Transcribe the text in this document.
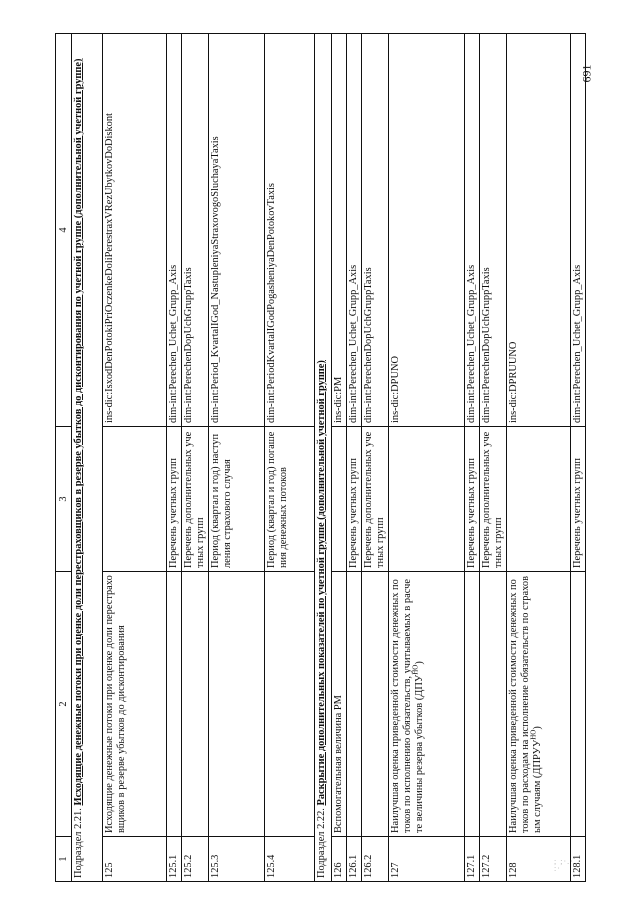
1	2	3	4
Подраздел 2.21. Исходящие денежные потоки при оценке доли перестраховщиков в резерве убытков до дисконтирования по учетной группе (дополнительной учетной группе)			
125	Исходящие денежные потоки при оценке доли перестраховщиков в резерве убытков до дисконтирования		ins-dic:IsxodDenPotokiPriOczenkeDoliPerestraxVRezUbytkovDoDiskont
125.1		Перечень учетных групп	dim-int:Perechen_Uchet_Grupp_Axis
125.2		Перечень дополнительных учетных групп	dim-int:PerechenDopUchGruppTaxis
125.3		Период (квартал и год) наступления страхового случая	dim-int:Period_KvartalIGod_NastupleniyaStraxovogoSluchayaTaxis
125.4		Период (квартал и год) погашения денежных потоков	dim-int:PeriodKvartalIGodPogasheniyaDenPotokovTaxis
Подраздел 2.22. Раскрытие дополнительных показателей по учетной группе (дополнительной учетной группе)			
126	Вспомогательная величина РМ		ins-dic:PM
126.1		Перечень учетных групп	dim-int:Perechen_Uchet_Grupp_Axis
126.2		Перечень дополнительных учетных групп	dim-int:PerechenDopUchGruppTaxis
127	Наилучшая оценка приведенной стоимости денежных потоков по исполнению обязательств, учитываемых в расчете величины резерва убытков $(ДПУ^{НО})$		ins-dic:DPUNO
127.1		Перечень учетных групп	dim-int:Perechen_Uchet_Grupp_Axis
127.2		Перечень дополнительных учетных групп	dim-int:PerechenDopUchGruppTaxis
128	Наилучшая оценка приведенной стоимости денежных потоков по расходам на исполнение обязательств по страховым случаям $(ДПРУУ^{НО})$		ins-dic:DPRUUNO
128.1		Перечень учетных групп	dim-int:Perechen_Uchet_Grupp_Axis
691
; ;·.·
:·
